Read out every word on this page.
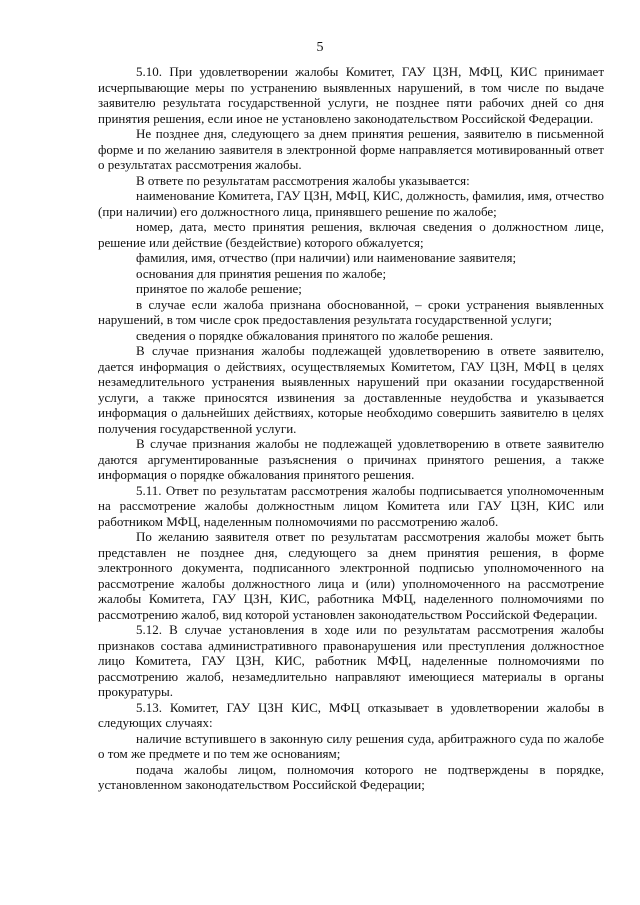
5

5.10. При удовлетворении жалобы Комитет, ГАУ ЦЗН, МФЦ, КИС принимает исчерпывающие меры по устранению выявленных нарушений, в том числе по выдаче заявителю результата государственной услуги, не позднее пяти рабочих дней со дня принятия решения, если иное не установлено законодательством Российской Федерации.

Не позднее дня, следующего за днем принятия решения, заявителю в письменной форме и по желанию заявителя в электронной форме направляется мотивированный ответ о результатах рассмотрения жалобы.

В ответе по результатам рассмотрения жалобы указывается:

наименование Комитета, ГАУ ЦЗН, МФЦ, КИС, должность, фамилия, имя, отчество (при наличии) его должностного лица, принявшего решение по жалобе;

номер, дата, место принятия решения, включая сведения о должностном лице, решение или действие (бездействие) которого обжалуется;

фамилия, имя, отчество (при наличии) или наименование заявителя;

основания для принятия решения по жалобе;

принятое по жалобе решение;

в случае если жалоба признана обоснованной, – сроки устранения выявленных нарушений, в том числе срок предоставления результата государственной услуги;

сведения о порядке обжалования принятого по жалобе решения.

В случае признания жалобы подлежащей удовлетворению в ответе заявителю, дается информация о действиях, осуществляемых Комитетом, ГАУ ЦЗН, МФЦ в целях незамедлительного устранения выявленных нарушений при оказании государственной услуги, а также приносятся извинения за доставленные неудобства и указывается информация о дальнейших действиях, которые необходимо совершить заявителю в целях получения государственной услуги.

В случае признания жалобы не подлежащей удовлетворению в ответе заявителю даются аргументированные разъяснения о причинах принятого решения, а также информация о порядке обжалования принятого решения.

5.11. Ответ по результатам рассмотрения жалобы подписывается уполномоченным на рассмотрение жалобы должностным лицом Комитета или ГАУ ЦЗН, КИС или работником МФЦ, наделенным полномочиями по рассмотрению жалоб.

По желанию заявителя ответ по результатам рассмотрения жалобы может быть представлен не позднее дня, следующего за днем принятия решения, в форме электронного документа, подписанного электронной подписью уполномоченного на рассмотрение жалобы должностного лица и (или) уполномоченного на рассмотрение жалобы Комитета, ГАУ ЦЗН, КИС, работника МФЦ, наделенного полномочиями по рассмотрению жалоб, вид которой установлен законодательством Российской Федерации.

5.12. В случае установления в ходе или по результатам рассмотрения жалобы признаков состава административного правонарушения или преступления должностное лицо Комитета, ГАУ ЦЗН, КИС, работник МФЦ, наделенные полномочиями по рассмотрению жалоб, незамедлительно направляют имеющиеся материалы в органы прокуратуры.

5.13. Комитет, ГАУ ЦЗН КИС, МФЦ отказывает в удовлетворении жалобы в следующих случаях:

наличие вступившего в законную силу решения суда, арбитражного суда по жалобе о том же предмете и по тем же основаниям;

подача жалобы лицом, полномочия которого не подтверждены в порядке, установленном законодательством Российской Федерации;
